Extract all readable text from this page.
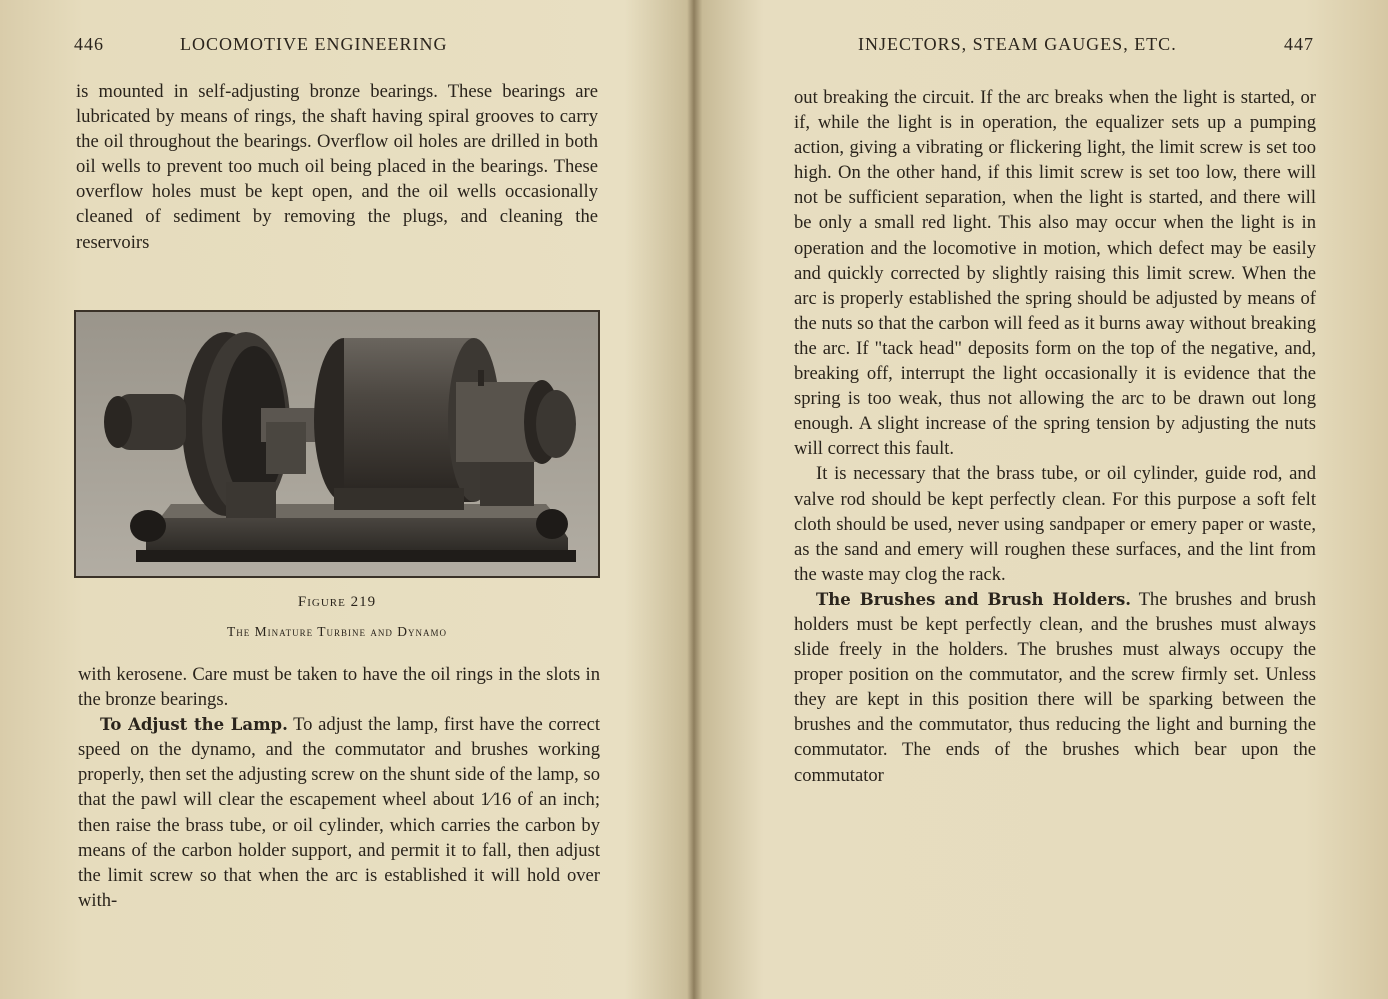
446	LOCOMOTIVE ENGINEERING

is mounted in self-adjusting bronze bearings. These bearings are lubricated by means of rings, the shaft having spiral grooves to carry the oil throughout the bearings. Overflow oil holes are drilled in both oil wells to prevent too much oil being placed in the bearings. These overflow holes must be kept open, and the oil wells occasionally cleaned of sediment by removing the plugs, and cleaning the reservoirs

Figure 219
The Minature Turbine and Dynamo

with kerosene. Care must be taken to have the oil rings in the slots in the bronze bearings.

To Adjust the Lamp. To adjust the lamp, first have the correct speed on the dynamo, and the commutator and brushes working properly, then set the adjusting screw on the shunt side of the lamp, so that the pawl will clear the escapement wheel about 1⁄16 of an inch; then raise the brass tube, or oil cylinder, which carries the carbon by means of the carbon holder support, and permit it to fall, then adjust the limit screw so that when the arc is established it will hold over with-

INJECTORS, STEAM GAUGES, ETC.	447

out breaking the circuit. If the arc breaks when the light is started, or if, while the light is in operation, the equalizer sets up a pumping action, giving a vibrating or flickering light, the limit screw is set too high. On the other hand, if this limit screw is set too low, there will not be sufficient separation, when the light is started, and there will be only a small red light. This also may occur when the light is in operation and the locomotive in motion, which defect may be easily and quickly corrected by slightly raising this limit screw. When the arc is properly established the spring should be adjusted by means of the nuts so that the carbon will feed as it burns away without breaking the arc. If "tack head" deposits form on the top of the negative, and, breaking off, interrupt the light occasionally it is evidence that the spring is too weak, thus not allowing the arc to be drawn out long enough. A slight increase of the spring tension by adjusting the nuts will correct this fault.

It is necessary that the brass tube, or oil cylinder, guide rod, and valve rod should be kept perfectly clean. For this purpose a soft felt cloth should be used, never using sandpaper or emery paper or waste, as the sand and emery will roughen these surfaces, and the lint from the waste may clog the rack.

The Brushes and Brush Holders. The brushes and brush holders must be kept perfectly clean, and the brushes must always slide freely in the holders. The brushes must always occupy the proper position on the commutator, and the screw firmly set. Unless they are kept in this position there will be sparking between the brushes and the commutator, thus reducing the light and burning the commutator. The ends of the brushes which bear upon the commutator
